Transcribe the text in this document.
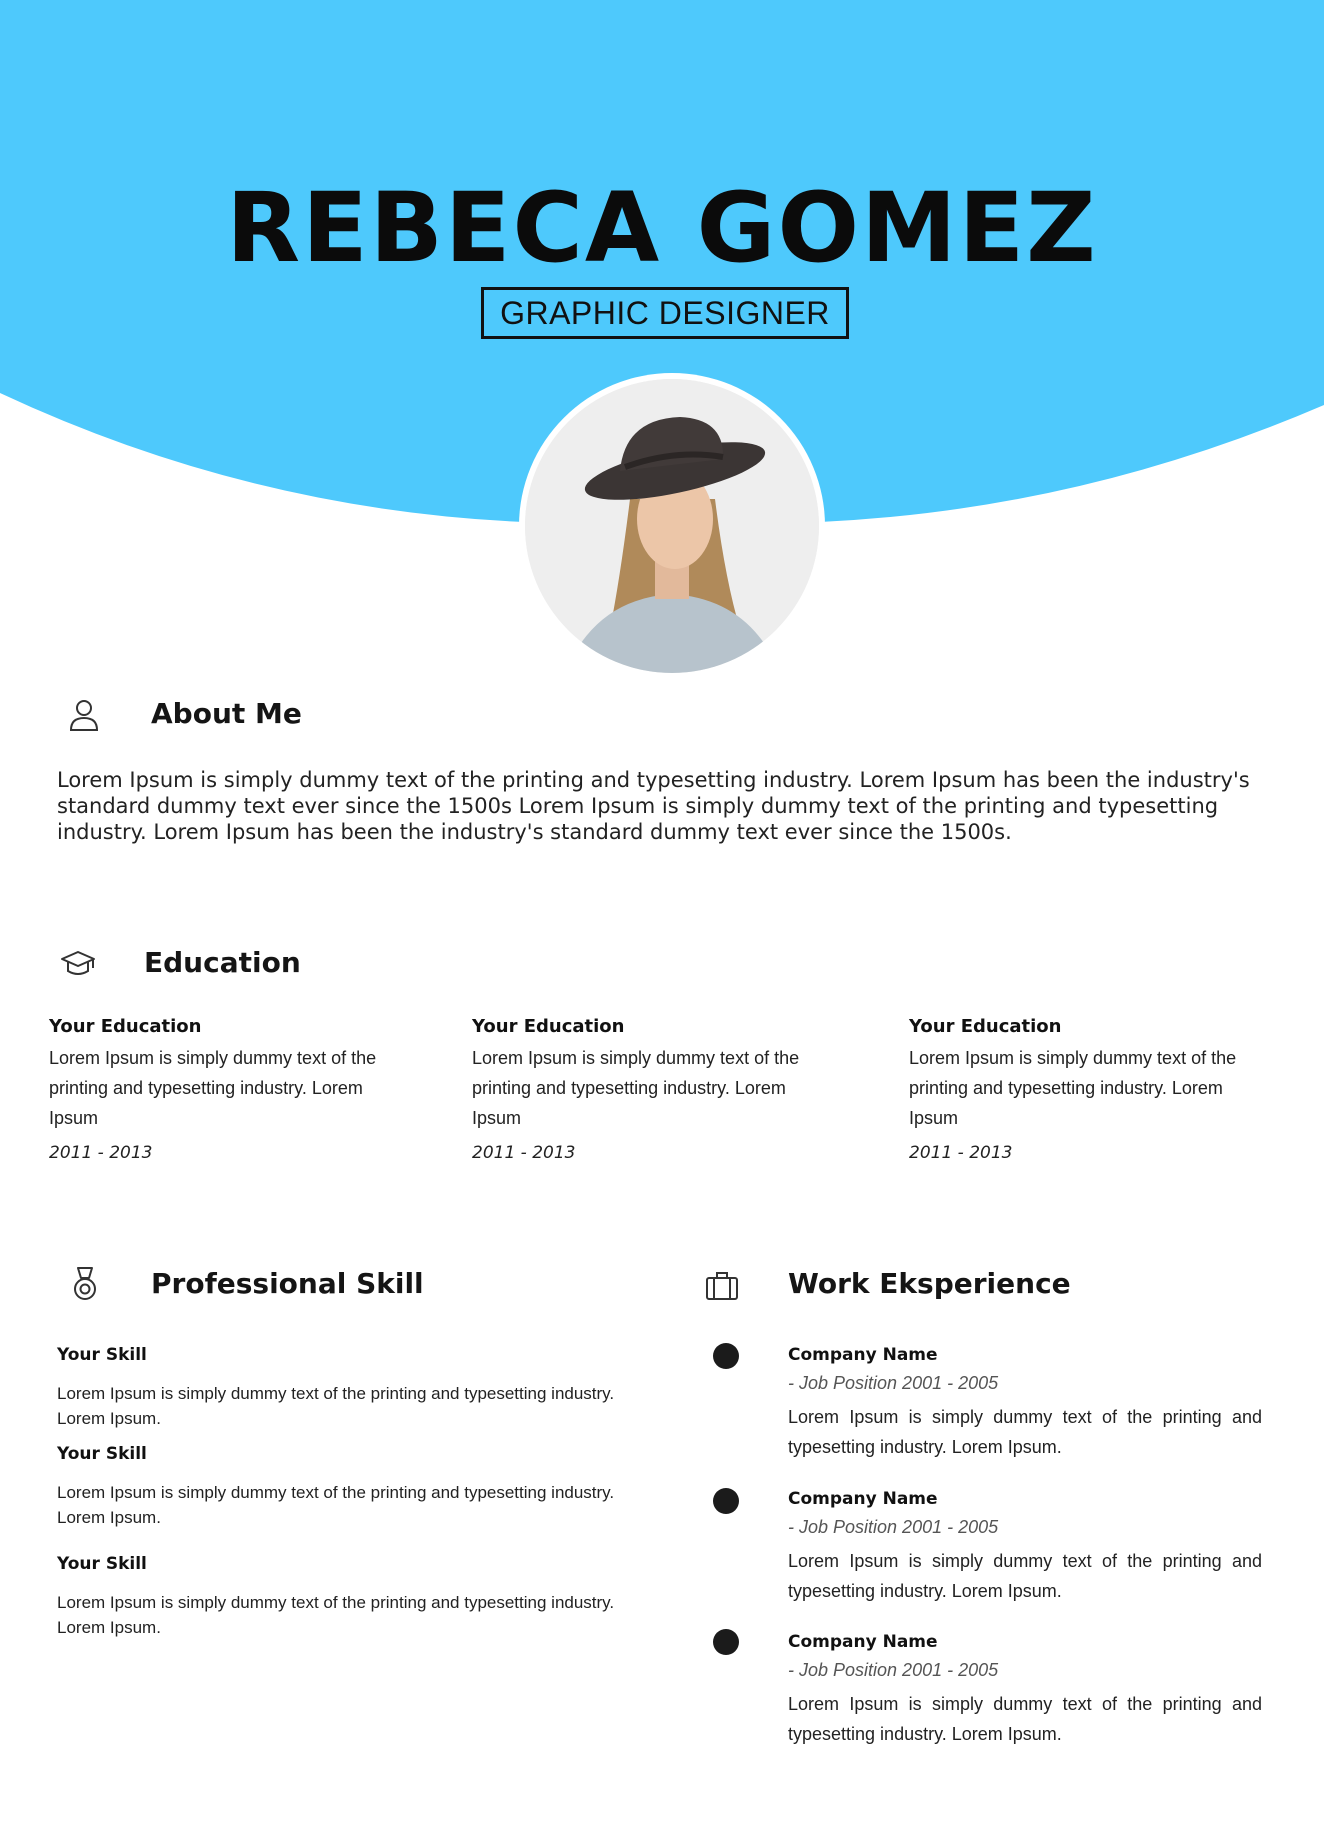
REBECA GOMEZ
GRAPHIC DESIGNER
About Me
Lorem Ipsum is simply dummy text of the printing and typesetting industry. Lorem Ipsum has been the industry's standard dummy text ever since the 1500s Lorem Ipsum is simply dummy text of the printing and typesetting industry. Lorem Ipsum has been the industry's standard dummy text ever since the 1500s.
Education
Your Education
Lorem Ipsum is simply dummy text of the printing and typesetting industry. Lorem Ipsum
2011 - 2013
Your Education
Lorem Ipsum is simply dummy text of the printing and typesetting industry. Lorem Ipsum
2011 - 2013
Your Education
Lorem Ipsum is simply dummy text of the printing and typesetting industry. Lorem Ipsum
2011 - 2013
Professional Skill
Your Skill
Lorem Ipsum is simply dummy text of the printing and typesetting industry. Lorem Ipsum.
Your Skill
Lorem Ipsum is simply dummy text of the printing and typesetting industry. Lorem Ipsum.
Your Skill
Lorem Ipsum is simply dummy text of the printing and typesetting industry. Lorem Ipsum.
Work Eksperience
Company Name
- Job Position 2001 - 2005
Lorem Ipsum is simply dummy text of the printing and typesetting industry. Lorem Ipsum.
Company Name
- Job Position 2001 - 2005
Lorem Ipsum is simply dummy text of the printing and typesetting industry. Lorem Ipsum.
Company Name
- Job Position 2001 - 2005
Lorem Ipsum is simply dummy text of the printing and typesetting industry. Lorem Ipsum.
